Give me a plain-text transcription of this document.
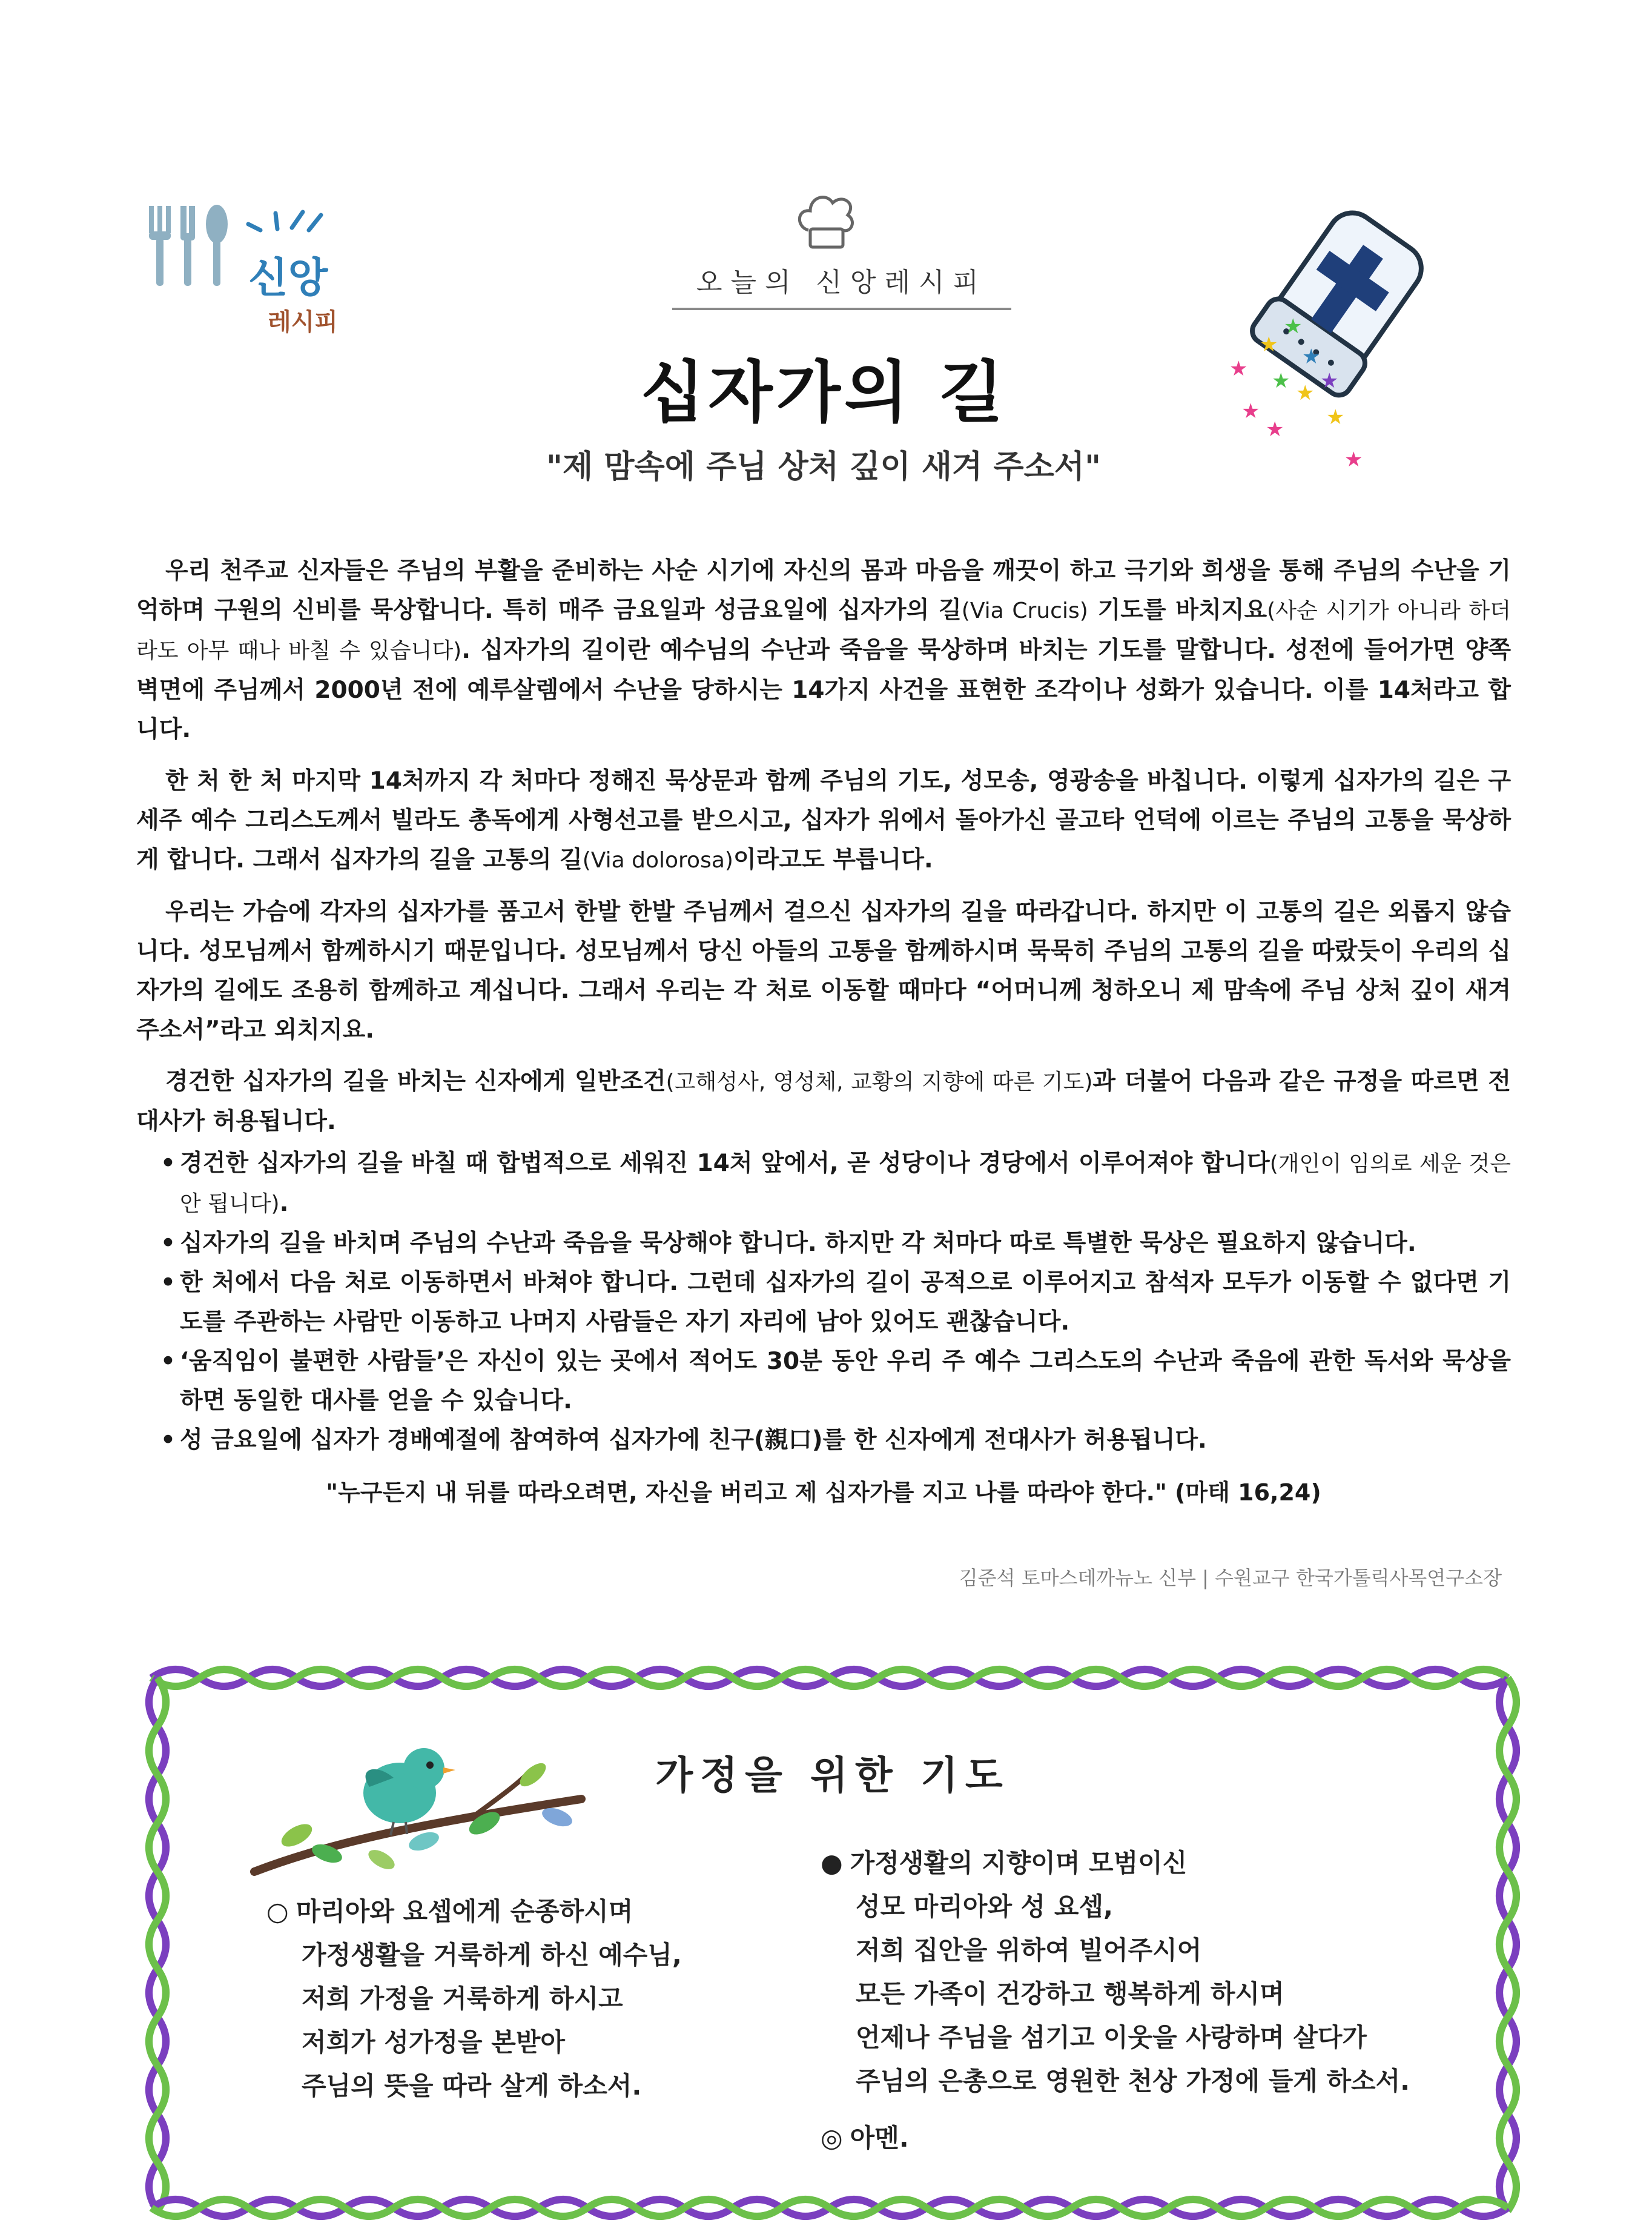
신앙
레시피
오늘의 신앙레시피
십자가의 길
"제 맘속에 주님 상처 깊이 새겨 주소서"
★
★
★
★
★
★
★
★
★
★
★

우리 천주교 신자들은 주님의 부활을 준비하는 사순 시기에 자신의 몸과 마음을 깨끗이 하고 극기와 희생을 통해 주님의 수난을 기억하며 구원의 신비를 묵상합니다. 특히 매주 금요일과 성금요일에 십자가의 길(Via Crucis) 기도를 바치지요(사순 시기가 아니라 하더라도 아무 때나 바칠 수 있습니다). 십자가의 길이란 예수님의 수난과 죽음을 묵상하며 바치는 기도를 말합니다. 성전에 들어가면 양쪽 벽면에 주님께서 2000년 전에 예루살렘에서 수난을 당하시는 14가지 사건을 표현한 조각이나 성화가 있습니다. 이를 14처라고 합니다.

한 처 한 처 마지막 14처까지 각 처마다 정해진 묵상문과 함께 주님의 기도, 성모송, 영광송을 바칩니다. 이렇게 십자가의 길은 구세주 예수 그리스도께서 빌라도 총독에게 사형선고를 받으시고, 십자가 위에서 돌아가신 골고타 언덕에 이르는 주님의 고통을 묵상하게 합니다. 그래서 십자가의 길을 고통의 길(Via dolorosa)이라고도 부릅니다.

우리는 가슴에 각자의 십자가를 품고서 한발 한발 주님께서 걸으신 십자가의 길을 따라갑니다. 하지만 이 고통의 길은 외롭지 않습니다. 성모님께서 함께하시기 때문입니다. 성모님께서 당신 아들의 고통을 함께하시며 묵묵히 주님의 고통의 길을 따랐듯이 우리의 십자가의 길에도 조용히 함께하고 계십니다. 그래서 우리는 각 처로 이동할 때마다 “어머니께 청하오니 제 맘속에 주님 상처 깊이 새겨 주소서”라고 외치지요.

경건한 십자가의 길을 바치는 신자에게 일반조건(고해성사, 영성체, 교황의 지향에 따른 기도)과 더불어 다음과 같은 규정을 따르면 전대사가 허용됩니다.

• 경건한 십자가의 길을 바칠 때 합법적으로 세워진 14처 앞에서, 곧 성당이나 경당에서 이루어져야 합니다(개인이 임의로 세운 것은 안 됩니다).
• 십자가의 길을 바치며 주님의 수난과 죽음을 묵상해야 합니다. 하지만 각 처마다 따로 특별한 묵상은 필요하지 않습니다.
• 한 처에서 다음 처로 이동하면서 바쳐야 합니다. 그런데 십자가의 길이 공적으로 이루어지고 참석자 모두가 이동할 수 없다면 기도를 주관하는 사람만 이동하고 나머지 사람들은 자기 자리에 남아 있어도 괜찮습니다.
• ‘움직임이 불편한 사람들’은 자신이 있는 곳에서 적어도 30분 동안 우리 주 예수 그리스도의 수난과 죽음에 관한 독서와 묵상을 하면 동일한 대사를 얻을 수 있습니다.
• 성 금요일에 십자가 경배예절에 참여하여 십자가에 친구(親口)를 한 신자에게 전대사가 허용됩니다.
"누구든지 내 뒤를 따라오려면, 자신을 버리고 제 십자가를 지고 나를 따라야 한다." (마태 16,24)
김준석 토마스데까뉴노 신부 | 수원교구 한국가톨릭사목연구소장
가정을 위한 기도
○ 마리아와 요셉에게 순종하시며
가정생활을 거룩하게 하신 예수님,
저희 가정을 거룩하게 하시고
저희가 성가정을 본받아
주님의 뜻을 따라 살게 하소서.
● 가정생활의 지향이며 모범이신
성모 마리아와 성 요셉,
저희 집안을 위하여 빌어주시어
모든 가족이 건강하고 행복하게 하시며
언제나 주님을 섬기고 이웃을 사랑하며 살다가
주님의 은총으로 영원한 천상 가정에 들게 하소서.
◎ 아멘.
